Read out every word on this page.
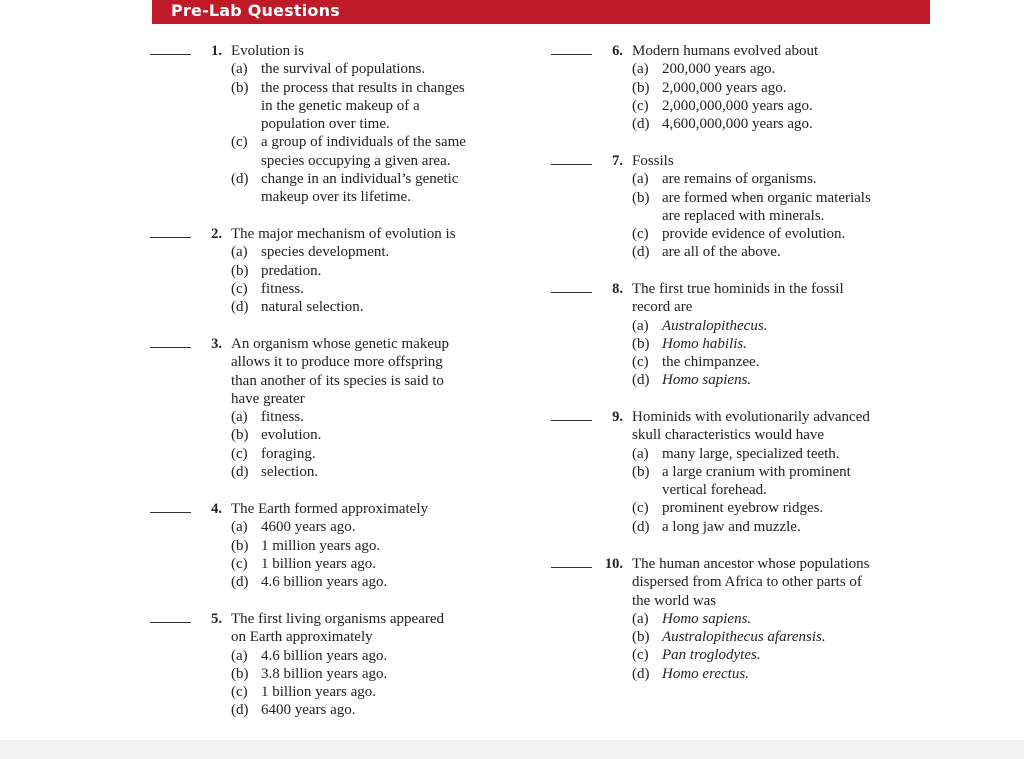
Pre-Lab Questions
1. Evolution is
(a) the survival of populations.
(b) the process that results in changes
in the genetic makeup of a
population over time.
(c) a group of individuals of the same
species occupying a given area.
(d) change in an individual’s genetic
makeup over its lifetime.
2. The major mechanism of evolution is
(a) species development.
(b) predation.
(c) fitness.
(d) natural selection.
3. An organism whose genetic makeup
allows it to produce more offspring
than another of its species is said to
have greater
(a) fitness.
(b) evolution.
(c) foraging.
(d) selection.
4. The Earth formed approximately
(a) 4600 years ago.
(b) 1 million years ago.
(c) 1 billion years ago.
(d) 4.6 billion years ago.
5. The first living organisms appeared
on Earth approximately
(a) 4.6 billion years ago.
(b) 3.8 billion years ago.
(c) 1 billion years ago.
(d) 6400 years ago.
6. Modern humans evolved about
(a) 200,000 years ago.
(b) 2,000,000 years ago.
(c) 2,000,000,000 years ago.
(d) 4,600,000,000 years ago.
7. Fossils
(a) are remains of organisms.
(b) are formed when organic materials
are replaced with minerals.
(c) provide evidence of evolution.
(d) are all of the above.
8. The first true hominids in the fossil
record are
(a) Australopithecus.
(b) Homo habilis.
(c) the chimpanzee.
(d) Homo sapiens.
9. Hominids with evolutionarily advanced
skull characteristics would have
(a) many large, specialized teeth.
(b) a large cranium with prominent
vertical forehead.
(c) prominent eyebrow ridges.
(d) a long jaw and muzzle.
10. The human ancestor whose populations
dispersed from Africa to other parts of
the world was
(a) Homo sapiens.
(b) Australopithecus afarensis.
(c) Pan troglodytes.
(d) Homo erectus.
